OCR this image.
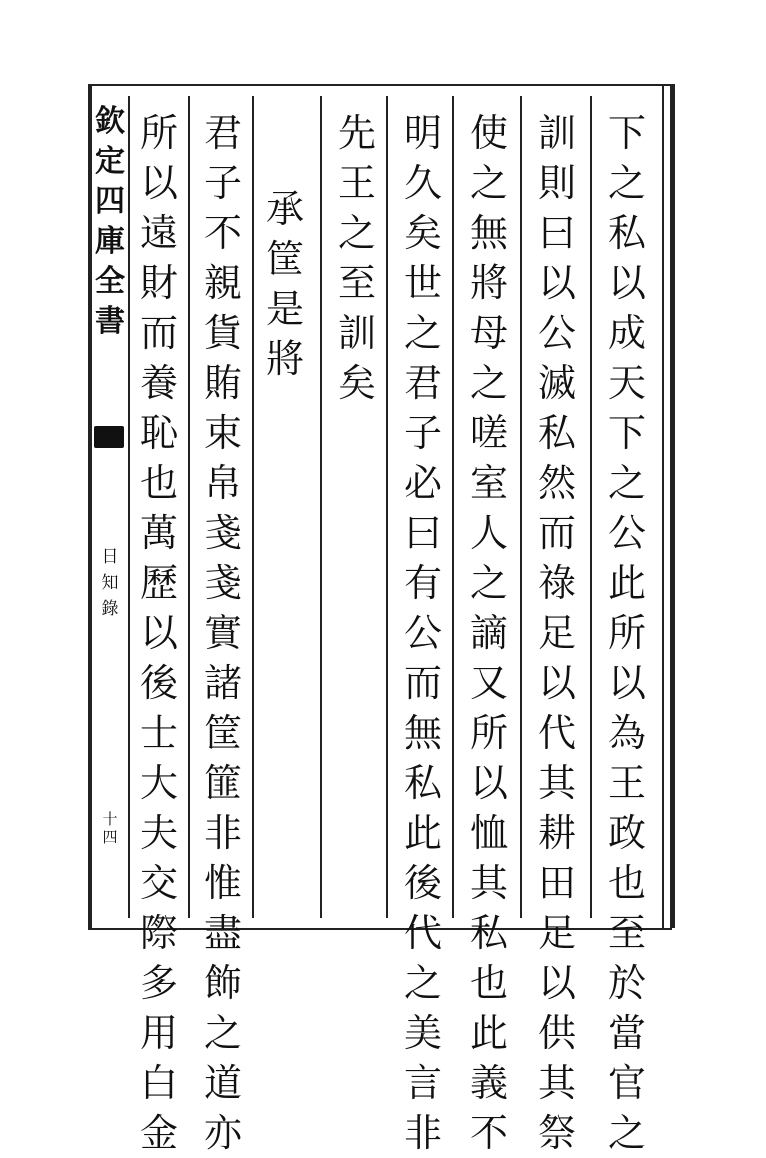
欽
定
四
庫
全
書
日
知
錄
十
四
下
之
私
以
成
天
下
之
公
此
所
以
為
王
政
也
至
於
當
官
之
訓
則
曰
以
公
滅
私
然
而
祿
足
以
代
其
耕
田
足
以
供
其
祭
使
之
無
將
母
之
嗟
室
人
之
謫
又
所
以
恤
其
私
也
此
義
不
明
久
矣
世
之
君
子
必
曰
有
公
而
無
私
此
後
代
之
美
言
非
先
王
之
至
訓
矣
承
筐
是
將
君
子
不
親
貨
賄
束
帛
戔
戔
實
諸
筐
篚
非
惟
盡
飾
之
道
亦
所
以
遠
財
而
養
恥
也
萬
歷
以
後
士
大
夫
交
際
多
用
白
金
